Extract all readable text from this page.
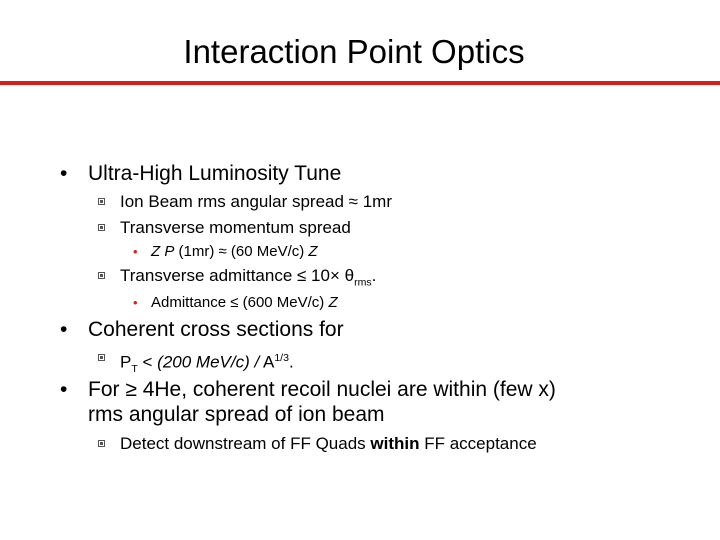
Interaction Point Optics
• Ultra-High Luminosity Tune
Ion Beam rms angular spread ≈ 1mr
Transverse momentum spread
• Z P (1mr) ≈ (60 MeV/c) Z
Transverse admittance ≤ $10\times \theta_{rms}$.
• Admittance ≤ (600 MeV/c) Z
• Coherent cross sections for
$P_T < (200$ $MeV/c) / A^{1/3}$.
• For ≥ 4He, coherent recoil nuclei are within (few x)
rms angular spread of ion beam
Detect downstream of FF Quads within FF acceptance
